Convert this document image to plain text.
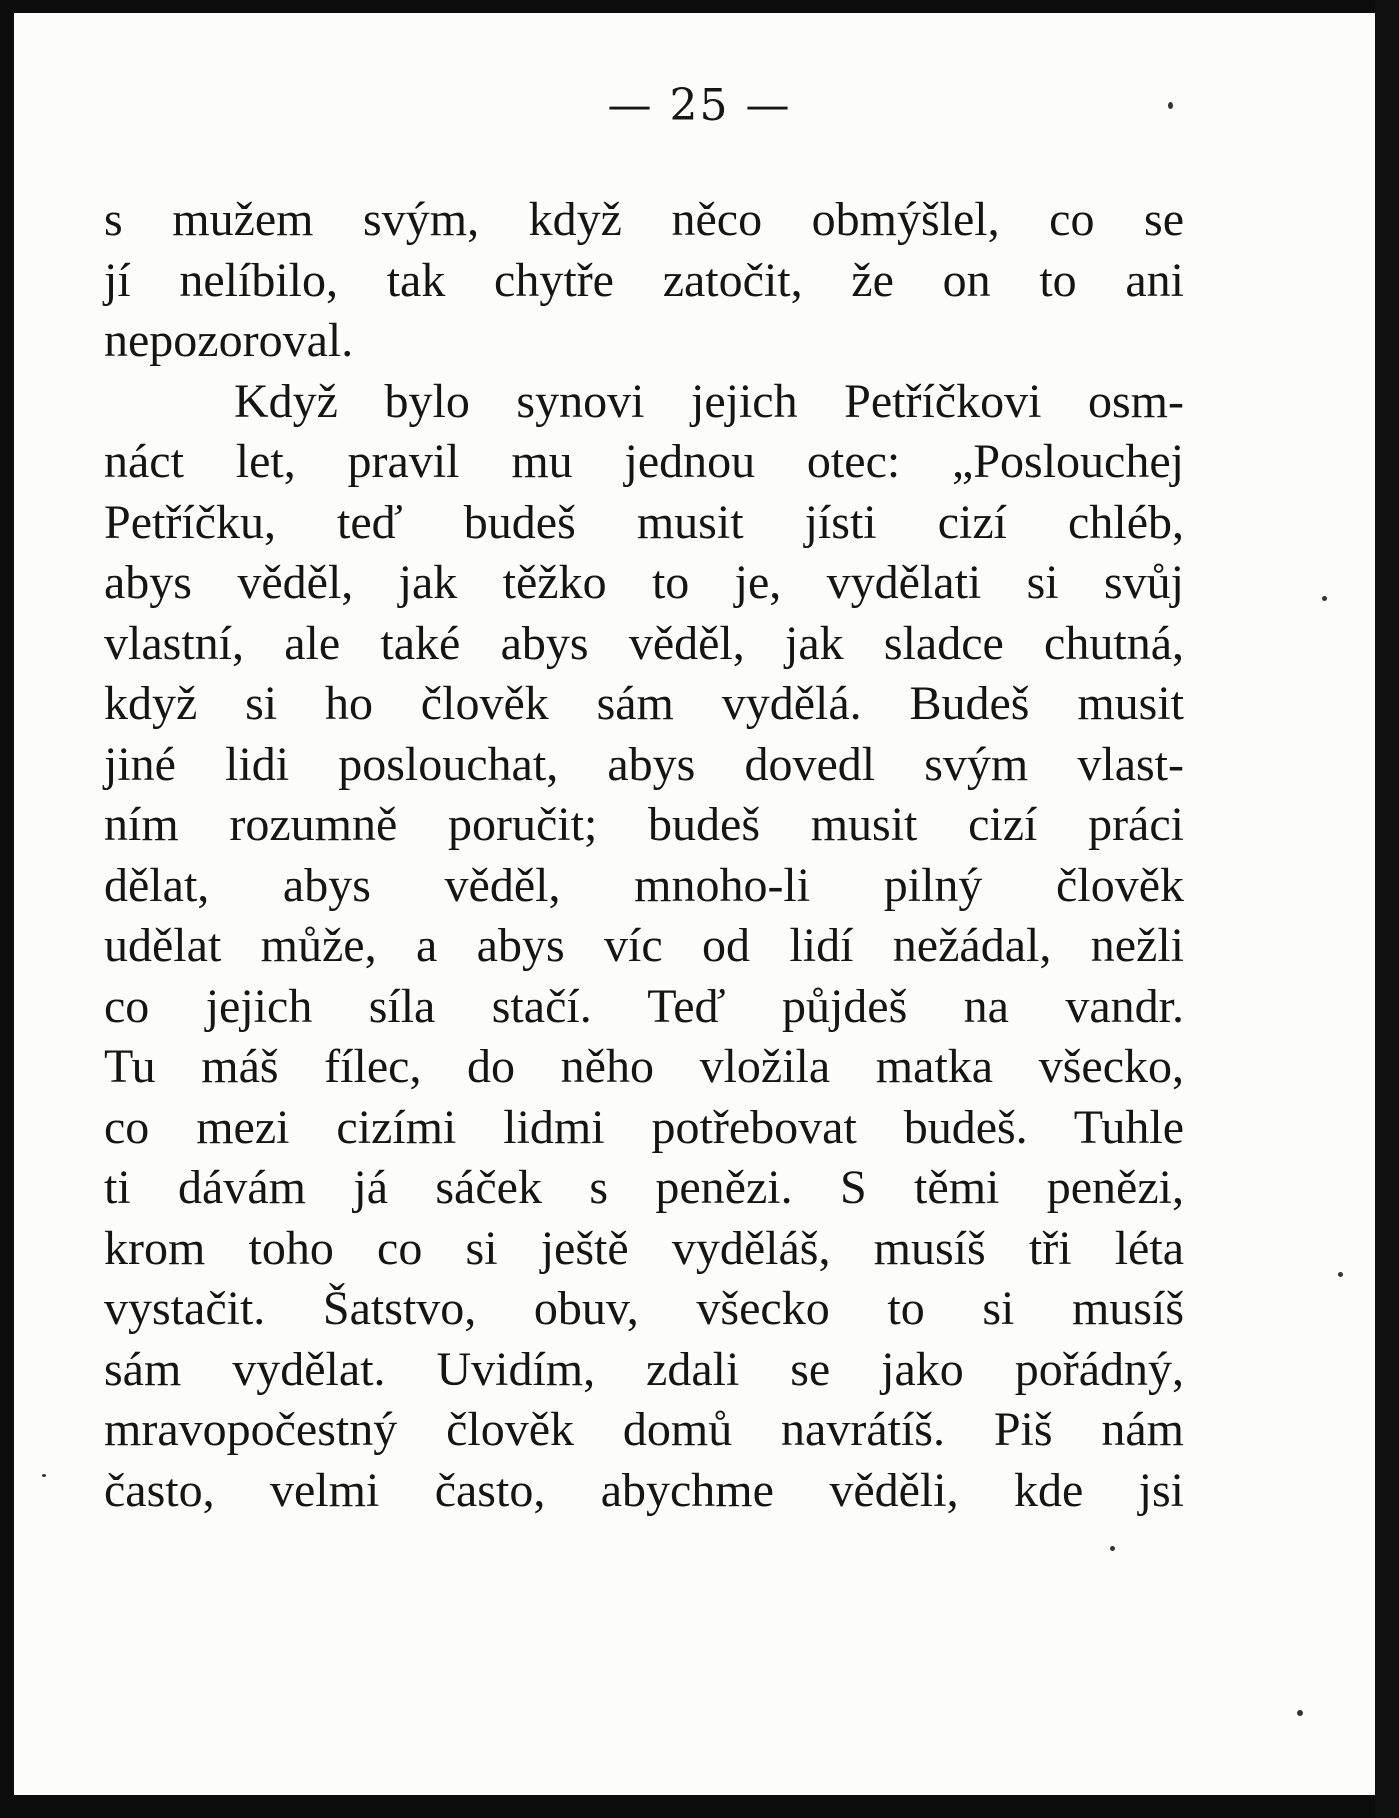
— 25 —
s mužem svým, když něco obmýšlel, co se
jí nelíbilo, tak chytře zatočit, že on to ani
nepozoroval.
Když bylo synovi jejich Petříčkovi osm-
náct let, pravil mu jednou otec: „Poslouchej
Petříčku, teď budeš musit jísti cizí chléb,
abys věděl, jak těžko to je, vydělati si svůj
vlastní, ale také abys věděl, jak sladce chutná,
když si ho člověk sám vydělá. Budeš musit
jiné lidi poslouchat, abys dovedl svým vlast-
ním rozumně poručit; budeš musit cizí práci
dělat, abys věděl, mnoho-li pilný člověk
udělat může, a abys víc od lidí nežádal, nežli
co jejich síla stačí. Teď půjdeš na vandr.
Tu máš fílec, do něho vložila matka všecko,
co mezi cizími lidmi potřebovat budeš. Tuhle
ti dávám já sáček s penězi. S těmi penězi,
krom toho co si ještě vyděláš, musíš tři léta
vystačit. Šatstvo, obuv, všecko to si musíš
sám vydělat. Uvidím, zdali se jako pořádný,
mravopočestný člověk domů navrátíš. Piš nám
často, velmi často, abychme věděli, kde jsi
